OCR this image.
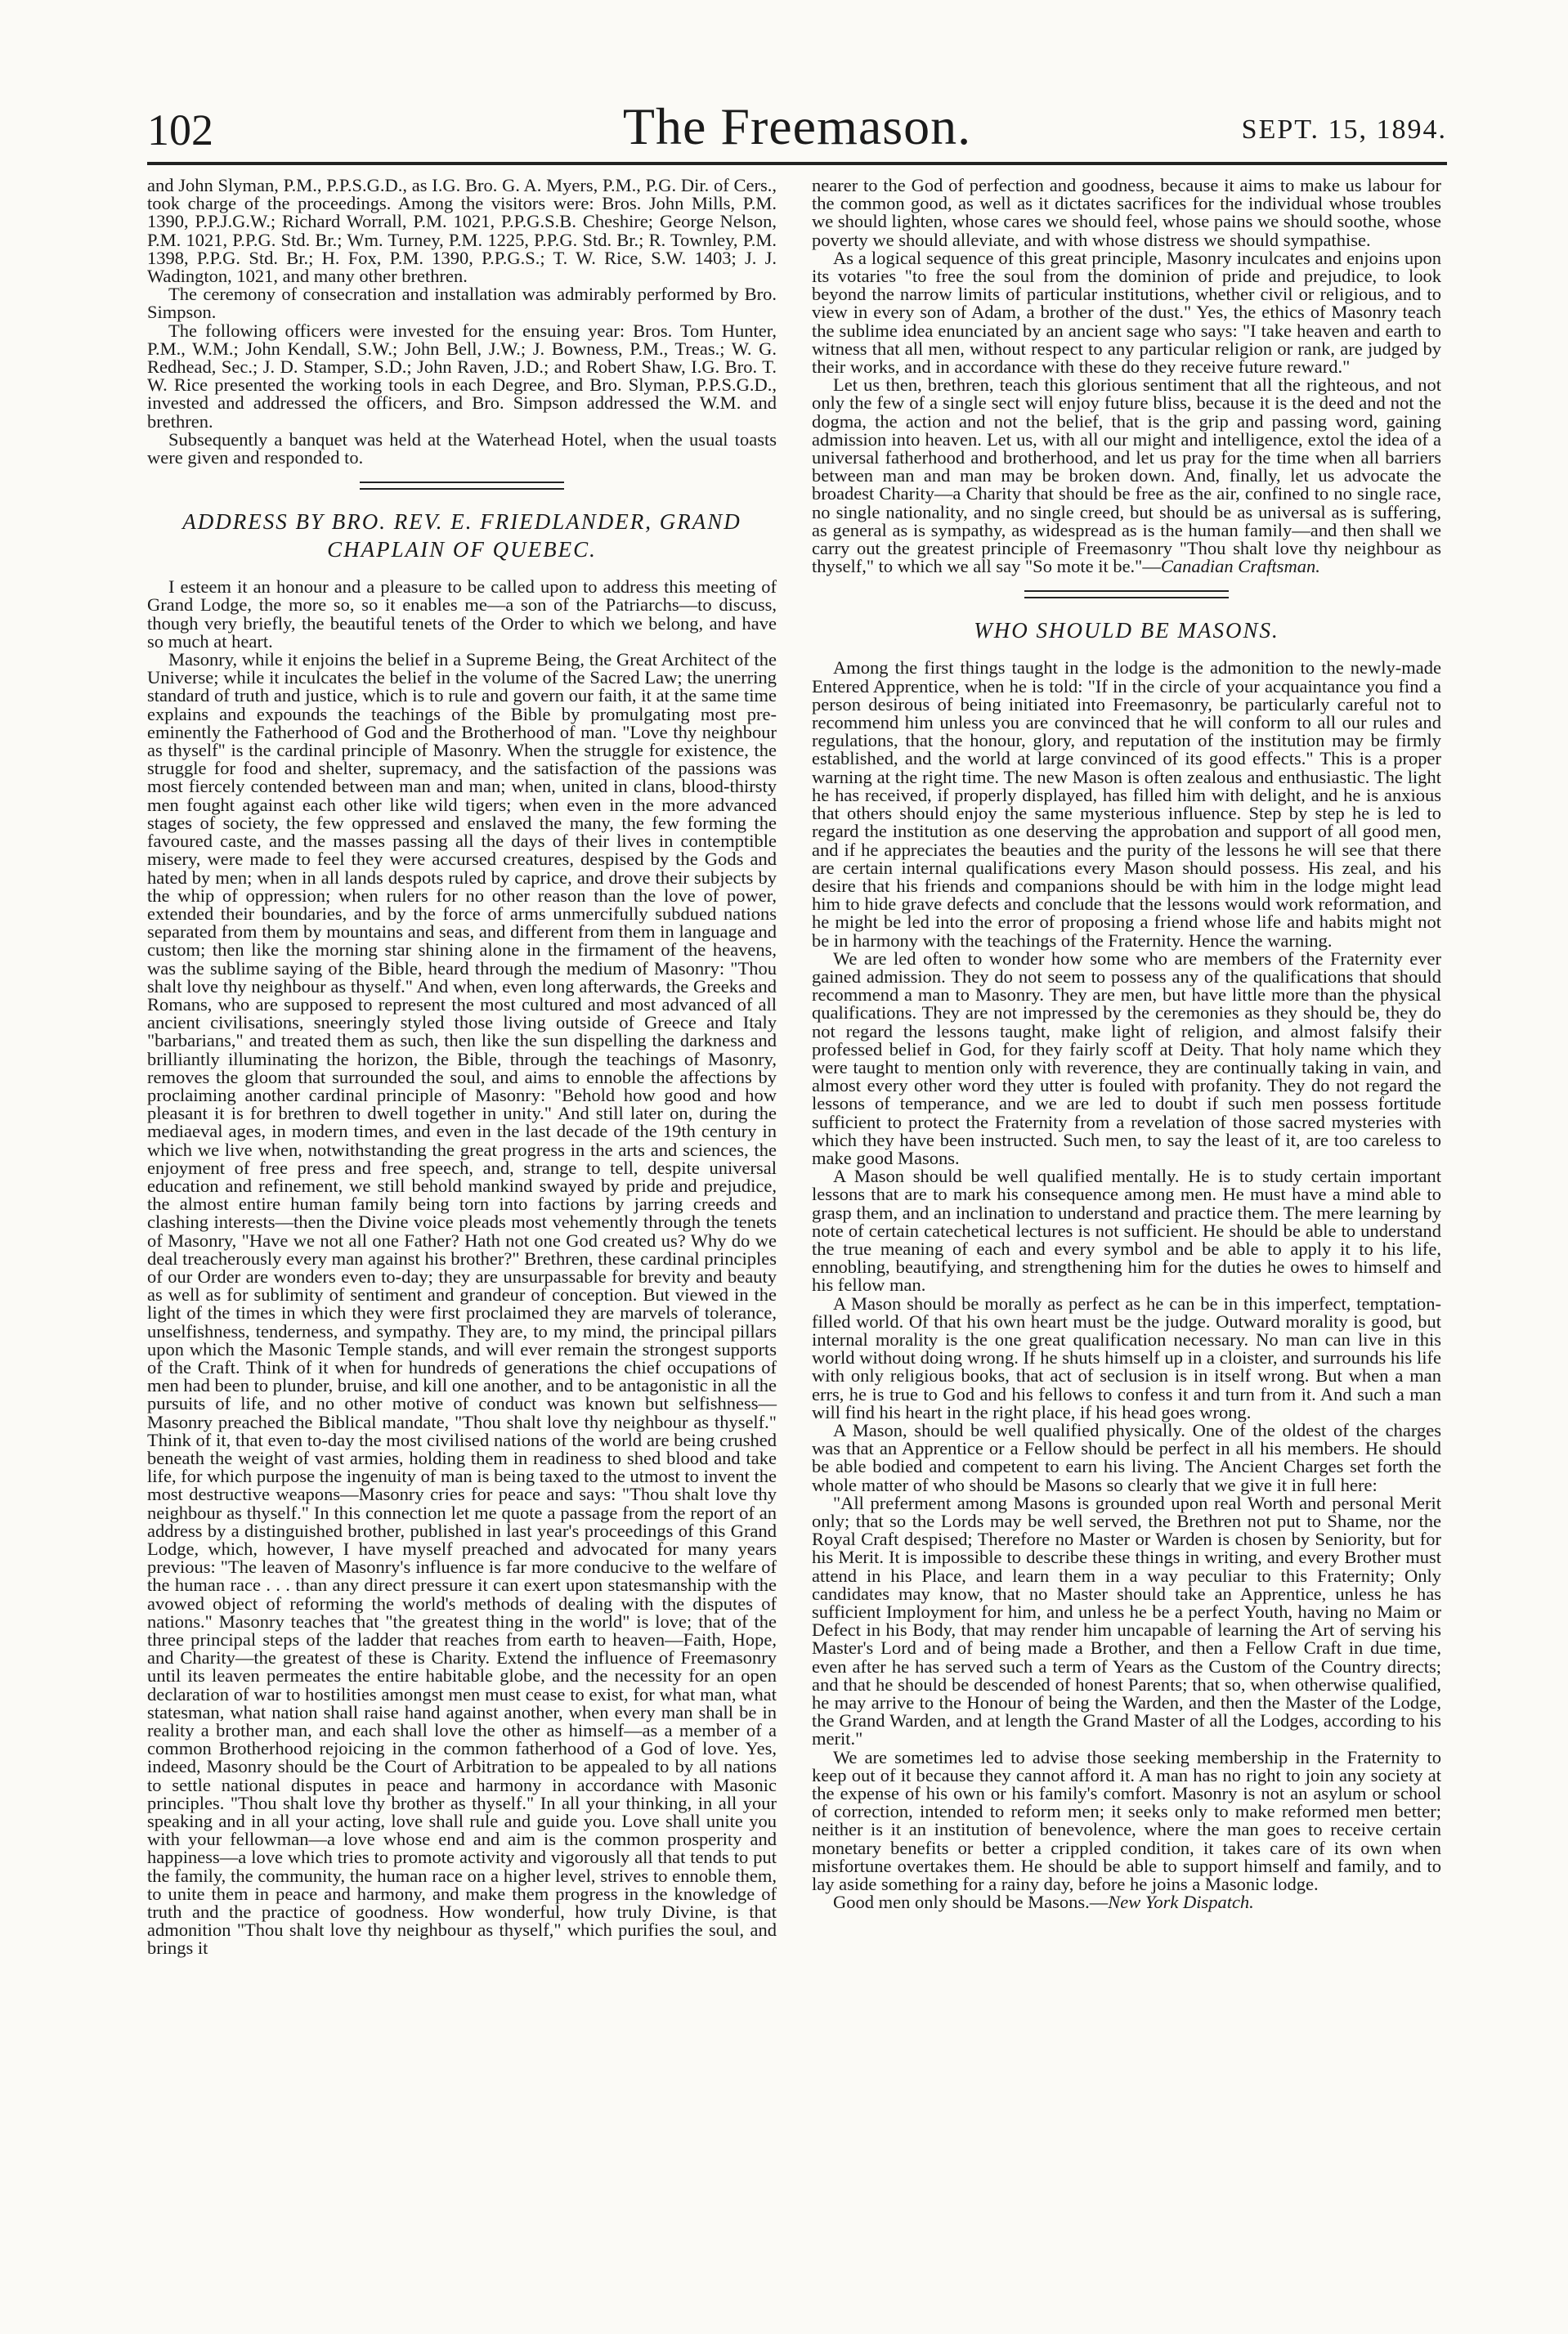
102	The Freemason.	SEPT. 15, 1894.

and John Slyman, P.M., P.P.S.G.D., as I.G. Bro. G. A. Myers, P.M., P.G. Dir. of Cers., took charge of the proceedings. Among the visitors were: Bros. John Mills, P.M. 1390, P.P.J.G.W.; Richard Worrall, P.M. 1021, P.P.G.S.B. Cheshire; George Nelson, P.M. 1021, P.P.G. Std. Br.; Wm. Turney, P.M. 1225, P.P.G. Std. Br.; R. Townley, P.M. 1398, P.P.G. Std. Br.; H. Fox, P.M. 1390, P.P.G.S.; T. W. Rice, S.W. 1403; J. J. Wadington, 1021, and many other brethren.

The ceremony of consecration and installation was admirably performed by Bro. Simpson.

The following officers were invested for the ensuing year: Bros. Tom Hunter, P.M., W.M.; John Kendall, S.W.; John Bell, J.W.; J. Bowness, P.M., Treas.; W. G. Redhead, Sec.; J. D. Stamper, S.D.; John Raven, J.D.; and Robert Shaw, I.G. Bro. T. W. Rice presented the working tools in each Degree, and Bro. Slyman, P.P.S.G.D., invested and addressed the officers, and Bro. Simpson addressed the W.M. and brethren.

Subsequently a banquet was held at the Waterhead Hotel, when the usual toasts were given and responded to.

ADDRESS BY BRO. REV. E. FRIEDLANDER, GRAND CHAPLAIN OF QUEBEC.

I esteem it an honour and a pleasure to be called upon to address this meeting of Grand Lodge, the more so, so it enables me—a son of the Patriarchs—to discuss, though very briefly, the beautiful tenets of the Order to which we belong, and have so much at heart.

Masonry, while it enjoins the belief in a Supreme Being, the Great Architect of the Universe; while it inculcates the belief in the volume of the Sacred Law; the unerring standard of truth and justice, which is to rule and govern our faith, it at the same time explains and expounds the teachings of the Bible by promulgating most pre-eminently the Fatherhood of God and the Brotherhood of man. "Love thy neighbour as thyself" is the cardinal principle of Masonry. When the struggle for existence, the struggle for food and shelter, supremacy, and the satisfaction of the passions was most fiercely contended between man and man; when, united in clans, blood-thirsty men fought against each other like wild tigers; when even in the more advanced stages of society, the few oppressed and enslaved the many, the few forming the favoured caste, and the masses passing all the days of their lives in contemptible misery, were made to feel they were accursed creatures, despised by the Gods and hated by men; when in all lands despots ruled by caprice, and drove their subjects by the whip of oppression; when rulers for no other reason than the love of power, extended their boundaries, and by the force of arms unmercifully subdued nations separated from them by mountains and seas, and different from them in language and custom; then like the morning star shining alone in the firmament of the heavens, was the sublime saying of the Bible, heard through the medium of Masonry: "Thou shalt love thy neighbour as thyself." And when, even long afterwards, the Greeks and Romans, who are supposed to represent the most cultured and most advanced of all ancient civilisations, sneeringly styled those living outside of Greece and Italy "barbarians," and treated them as such, then like the sun dispelling the darkness and brilliantly illuminating the horizon, the Bible, through the teachings of Masonry, removes the gloom that surrounded the soul, and aims to ennoble the affections by proclaiming another cardinal principle of Masonry: "Behold how good and how pleasant it is for brethren to dwell together in unity." And still later on, during the mediaeval ages, in modern times, and even in the last decade of the 19th century in which we live when, notwithstanding the great progress in the arts and sciences, the enjoyment of free press and free speech, and, strange to tell, despite universal education and refinement, we still behold mankind swayed by pride and prejudice, the almost entire human family being torn into factions by jarring creeds and clashing interests—then the Divine voice pleads most vehemently through the tenets of Masonry, "Have we not all one Father? Hath not one God created us? Why do we deal treacherously every man against his brother?" Brethren, these cardinal principles of our Order are wonders even to-day; they are unsurpassable for brevity and beauty as well as for sublimity of sentiment and grandeur of conception. But viewed in the light of the times in which they were first proclaimed they are marvels of tolerance, unselfishness, tenderness, and sympathy. They are, to my mind, the principal pillars upon which the Masonic Temple stands, and will ever remain the strongest supports of the Craft. Think of it when for hundreds of generations the chief occupations of men had been to plunder, bruise, and kill one another, and to be antagonistic in all the pursuits of life, and no other motive of conduct was known but selfishness—Masonry preached the Biblical mandate, "Thou shalt love thy neighbour as thyself." Think of it, that even to-day the most civilised nations of the world are being crushed beneath the weight of vast armies, holding them in readiness to shed blood and take life, for which purpose the ingenuity of man is being taxed to the utmost to invent the most destructive weapons—Masonry cries for peace and says: "Thou shalt love thy neighbour as thyself." In this connection let me quote a passage from the report of an address by a distinguished brother, published in last year's proceedings of this Grand Lodge, which, however, I have myself preached and advocated for many years previous: "The leaven of Masonry's influence is far more conducive to the welfare of the human race . . . than any direct pressure it can exert upon statesmanship with the avowed object of reforming the world's methods of dealing with the disputes of nations." Masonry teaches that "the greatest thing in the world" is love; that of the three principal steps of the ladder that reaches from earth to heaven—Faith, Hope, and Charity—the greatest of these is Charity. Extend the influence of Freemasonry until its leaven permeates the entire habitable globe, and the necessity for an open declaration of war to hostilities amongst men must cease to exist, for what man, what statesman, what nation shall raise hand against another, when every man shall be in reality a brother man, and each shall love the other as himself—as a member of a common Brotherhood rejoicing in the common fatherhood of a God of love. Yes, indeed, Masonry should be the Court of Arbitration to be appealed to by all nations to settle national disputes in peace and harmony in accordance with Masonic principles. "Thou shalt love thy brother as thyself." In all your thinking, in all your speaking and in all your acting, love shall rule and guide you. Love shall unite you with your fellowman—a love whose end and aim is the common prosperity and happiness—a love which tries to promote activity and vigorously all that tends to put the family, the community, the human race on a higher level, strives to ennoble them, to unite them in peace and harmony, and make them progress in the knowledge of truth and the practice of goodness. How wonderful, how truly Divine, is that admonition "Thou shalt love thy neighbour as thyself," which purifies the soul, and brings it

nearer to the God of perfection and goodness, because it aims to make us labour for the common good, as well as it dictates sacrifices for the individual whose troubles we should lighten, whose cares we should feel, whose pains we should soothe, whose poverty we should alleviate, and with whose distress we should sympathise.

As a logical sequence of this great principle, Masonry inculcates and enjoins upon its votaries "to free the soul from the dominion of pride and prejudice, to look beyond the narrow limits of particular institutions, whether civil or religious, and to view in every son of Adam, a brother of the dust." Yes, the ethics of Masonry teach the sublime idea enunciated by an ancient sage who says: "I take heaven and earth to witness that all men, without respect to any particular religion or rank, are judged by their works, and in accordance with these do they receive future reward."

Let us then, brethren, teach this glorious sentiment that all the righteous, and not only the few of a single sect will enjoy future bliss, because it is the deed and not the dogma, the action and not the belief, that is the grip and passing word, gaining admission into heaven. Let us, with all our might and intelligence, extol the idea of a universal fatherhood and brotherhood, and let us pray for the time when all barriers between man and man may be broken down. And, finally, let us advocate the broadest Charity—a Charity that should be free as the air, confined to no single race, no single nationality, and no single creed, but should be as universal as is suffering, as general as is sympathy, as widespread as is the human family—and then shall we carry out the greatest principle of Freemasonry "Thou shalt love thy neighbour as thyself," to which we all say "So mote it be."—Canadian Craftsman.

WHO SHOULD BE MASONS.

Among the first things taught in the lodge is the admonition to the newly-made Entered Apprentice, when he is told: "If in the circle of your acquaintance you find a person desirous of being initiated into Freemasonry, be particularly careful not to recommend him unless you are convinced that he will conform to all our rules and regulations, that the honour, glory, and reputation of the institution may be firmly established, and the world at large convinced of its good effects." This is a proper warning at the right time. The new Mason is often zealous and enthusiastic. The light he has received, if properly displayed, has filled him with delight, and he is anxious that others should enjoy the same mysterious influence. Step by step he is led to regard the institution as one deserving the approbation and support of all good men, and if he appreciates the beauties and the purity of the lessons he will see that there are certain internal qualifications every Mason should possess. His zeal, and his desire that his friends and companions should be with him in the lodge might lead him to hide grave defects and conclude that the lessons would work reformation, and he might be led into the error of proposing a friend whose life and habits might not be in harmony with the teachings of the Fraternity. Hence the warning.

We are led often to wonder how some who are members of the Fraternity ever gained admission. They do not seem to possess any of the qualifications that should recommend a man to Masonry. They are men, but have little more than the physical qualifications. They are not impressed by the ceremonies as they should be, they do not regard the lessons taught, make light of religion, and almost falsify their professed belief in God, for they fairly scoff at Deity. That holy name which they were taught to mention only with reverence, they are continually taking in vain, and almost every other word they utter is fouled with profanity. They do not regard the lessons of temperance, and we are led to doubt if such men possess fortitude sufficient to protect the Fraternity from a revelation of those sacred mysteries with which they have been instructed. Such men, to say the least of it, are too careless to make good Masons.

A Mason should be well qualified mentally. He is to study certain important lessons that are to mark his consequence among men. He must have a mind able to grasp them, and an inclination to understand and practice them. The mere learning by note of certain catechetical lectures is not sufficient. He should be able to understand the true meaning of each and every symbol and be able to apply it to his life, ennobling, beautifying, and strengthening him for the duties he owes to himself and his fellow man.

A Mason should be morally as perfect as he can be in this imperfect, temptation-filled world. Of that his own heart must be the judge. Outward morality is good, but internal morality is the one great qualification necessary. No man can live in this world without doing wrong. If he shuts himself up in a cloister, and surrounds his life with only religious books, that act of seclusion is in itself wrong. But when a man errs, he is true to God and his fellows to confess it and turn from it. And such a man will find his heart in the right place, if his head goes wrong.

A Mason, should be well qualified physically. One of the oldest of the charges was that an Apprentice or a Fellow should be perfect in all his members. He should be able bodied and competent to earn his living. The Ancient Charges set forth the whole matter of who should be Masons so clearly that we give it in full here:

"All preferment among Masons is grounded upon real Worth and personal Merit only; that so the Lords may be well served, the Brethren not put to Shame, nor the Royal Craft despised; Therefore no Master or Warden is chosen by Seniority, but for his Merit. It is impossible to describe these things in writing, and every Brother must attend in his Place, and learn them in a way peculiar to this Fraternity; Only candidates may know, that no Master should take an Apprentice, unless he has sufficient Imployment for him, and unless he be a perfect Youth, having no Maim or Defect in his Body, that may render him uncapable of learning the Art of serving his Master's Lord and of being made a Brother, and then a Fellow Craft in due time, even after he has served such a term of Years as the Custom of the Country directs; and that he should be descended of honest Parents; that so, when otherwise qualified, he may arrive to the Honour of being the Warden, and then the Master of the Lodge, the Grand Warden, and at length the Grand Master of all the Lodges, according to his merit."

We are sometimes led to advise those seeking membership in the Fraternity to keep out of it because they cannot afford it. A man has no right to join any society at the expense of his own or his family's comfort. Masonry is not an asylum or school of correction, intended to reform men; it seeks only to make reformed men better; neither is it an institution of benevolence, where the man goes to receive certain monetary benefits or better a crippled condition, it takes care of its own when misfortune overtakes them. He should be able to support himself and family, and to lay aside something for a rainy day, before he joins a Masonic lodge.

Good men only should be Masons.—New York Dispatch.
